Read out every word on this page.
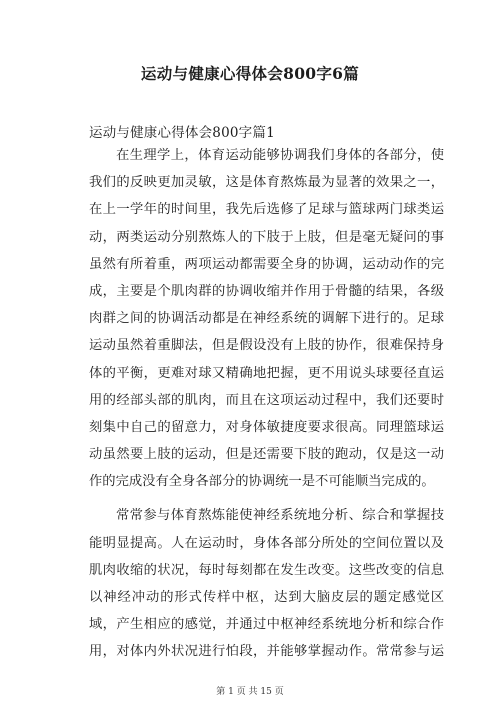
运动与健康心得体会800字6篇
运动与健康心得体会800字篇1
在生理学上，体育运动能够协调我们身体的各部分，使
我们的反映更加灵敏，这是体育熬炼最为显著的效果之一，
在上一学年的时间里，我先后选修了足球与篮球两门球类运
动，两类运动分别熬炼人的下肢于上肢，但是毫无疑问的事
虽然有所着重，两项运动都需要全身的协调，运动动作的完
成，主要是个肌肉群的协调收缩并作用于骨髓的结果，各级
肉群之间的协调活动都是在神经系统的调解下进行的。足球
运动虽然着重脚法，但是假设没有上肢的协作，很难保持身
体的平衡，更难对球又精确地把握，更不用说头球要径直运
用的经部头部的肌肉，而且在这项运动过程中，我们还要时
刻集中自己的留意力，对身体敏捷度要求很高。同理篮球运
动虽然要上肢的运动，但是还需要下肢的跑动，仅是这一动
作的完成没有全身各部分的协调统一是不可能顺当完成的。
常常参与体育熬炼能使神经系统地分析、综合和掌握技
能明显提高。人在运动时，身体各部分所处的空间位置以及
肌肉收缩的状况，每时每刻都在发生改变。这些改变的信息
以神经冲动的形式传样中枢，达到大脑皮层的题定感觉区
域，产生相应的感觉，并通过中枢神经系统地分析和综合作
用，对体内外状况进行怕段，并能够掌握动作。常常参与运
第 1 页 共 15 页
